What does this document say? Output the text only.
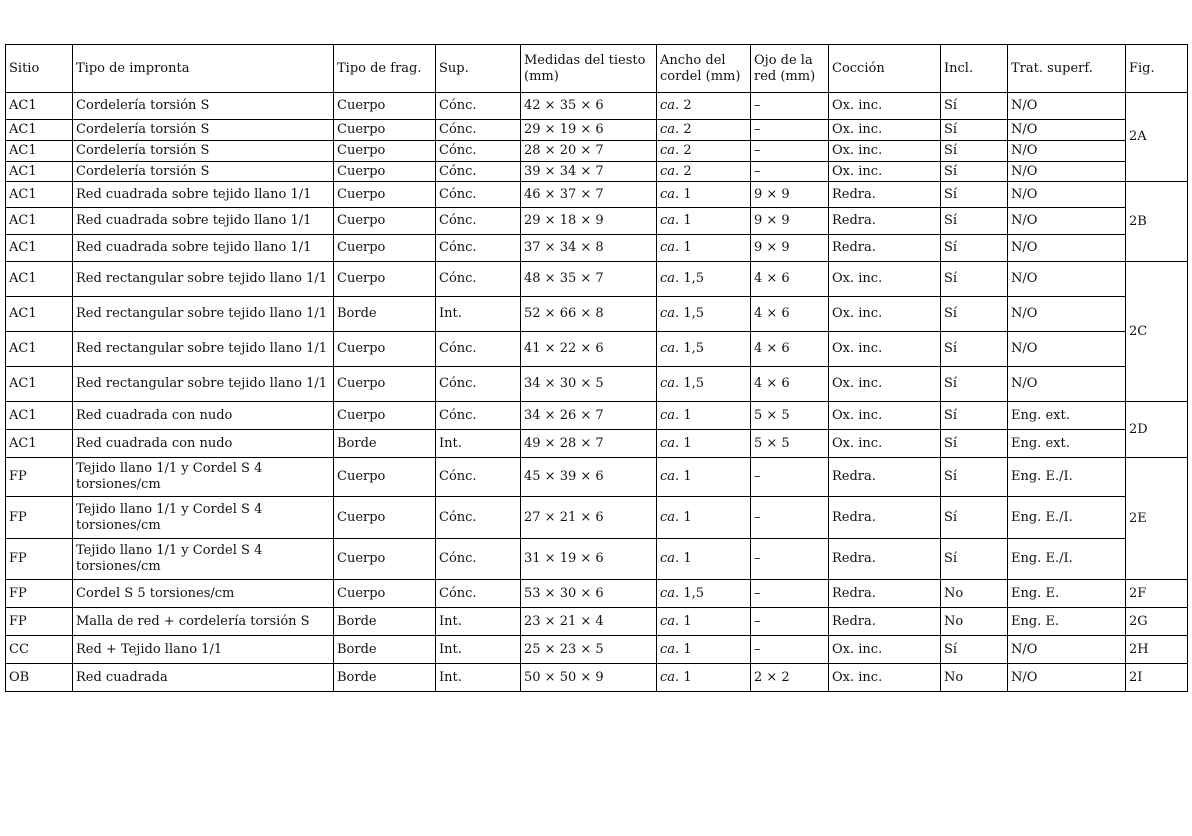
Sitio	Tipo de impronta	Tipo de frag.	Sup.	Medidas del tiesto (mm)	Ancho del cordel (mm)	Ojo de la red (mm)	Cocción	Incl.	Trat. superf.	Fig.
AC1	Cordelería torsión S	Cuerpo	Cónc.	42 × 35 × 6	ca. 2	–	Ox. inc.	Sí	N/O	2A
AC1	Cordelería torsión S	Cuerpo	Cónc.	29 × 19 × 6	ca. 2	–	Ox. inc.	Sí	N/O	
AC1	Cordelería torsión S	Cuerpo	Cónc.	28 × 20 × 7	ca. 2	–	Ox. inc.	Sí	N/O	
AC1	Cordelería torsión S	Cuerpo	Cónc.	39 × 34 × 7	ca. 2	–	Ox. inc.	Sí	N/O	
AC1	Red cuadrada sobre tejido llano 1/1	Cuerpo	Cónc.	46 × 37 × 7	ca. 1	9 × 9	Redra.	Sí	N/O	2B
AC1	Red cuadrada sobre tejido llano 1/1	Cuerpo	Cónc.	29 × 18 × 9	ca. 1	9 × 9	Redra.	Sí	N/O	
AC1	Red cuadrada sobre tejido llano 1/1	Cuerpo	Cónc.	37 × 34 × 8	ca. 1	9 × 9	Redra.	Sí	N/O	
AC1	Red rectangular sobre tejido llano 1/1	Cuerpo	Cónc.	48 × 35 × 7	ca. 1,5	4 × 6	Ox. inc.	Sí	N/O	2C
AC1	Red rectangular sobre tejido llano 1/1	Borde	Int.	52 × 66 × 8	ca. 1,5	4 × 6	Ox. inc.	Sí	N/O	
AC1	Red rectangular sobre tejido llano 1/1	Cuerpo	Cónc.	41 × 22 × 6	ca. 1,5	4 × 6	Ox. inc.	Sí	N/O	
AC1	Red rectangular sobre tejido llano 1/1	Cuerpo	Cónc.	34 × 30 × 5	ca. 1,5	4 × 6	Ox. inc.	Sí	N/O	
AC1	Red cuadrada con nudo	Cuerpo	Cónc.	34 × 26 × 7	ca. 1	5 × 5	Ox. inc.	Sí	Eng. ext.	2D
AC1	Red cuadrada con nudo	Borde	Int.	49 × 28 × 7	ca. 1	5 × 5	Ox. inc.	Sí	Eng. ext.	
FP	Tejido llano 1/1 y Cordel S 4 torsiones/cm	Cuerpo	Cónc.	45 × 39 × 6	ca. 1	–	Redra.	Sí	Eng. E./I.	2E
FP	Tejido llano 1/1 y Cordel S 4 torsiones/cm	Cuerpo	Cónc.	27 × 21 × 6	ca. 1	–	Redra.	Sí	Eng. E./I.	
FP	Tejido llano 1/1 y Cordel S 4 torsiones/cm	Cuerpo	Cónc.	31 × 19 × 6	ca. 1	–	Redra.	Sí	Eng. E./I.	
FP	Cordel S 5 torsiones/cm	Cuerpo	Cónc.	53 × 30 × 6	ca. 1,5	–	Redra.	No	Eng. E.	2F
FP	Malla de red + cordelería torsión S	Borde	Int.	23 × 21 × 4	ca. 1	–	Redra.	No	Eng. E.	2G
CC	Red + Tejido llano 1/1	Borde	Int.	25 × 23 × 5	ca. 1	–	Ox. inc.	Sí	N/O	2H
OB	Red cuadrada	Borde	Int.	50 × 50 × 9	ca. 1	2 × 2	Ox. inc.	No	N/O	2I
